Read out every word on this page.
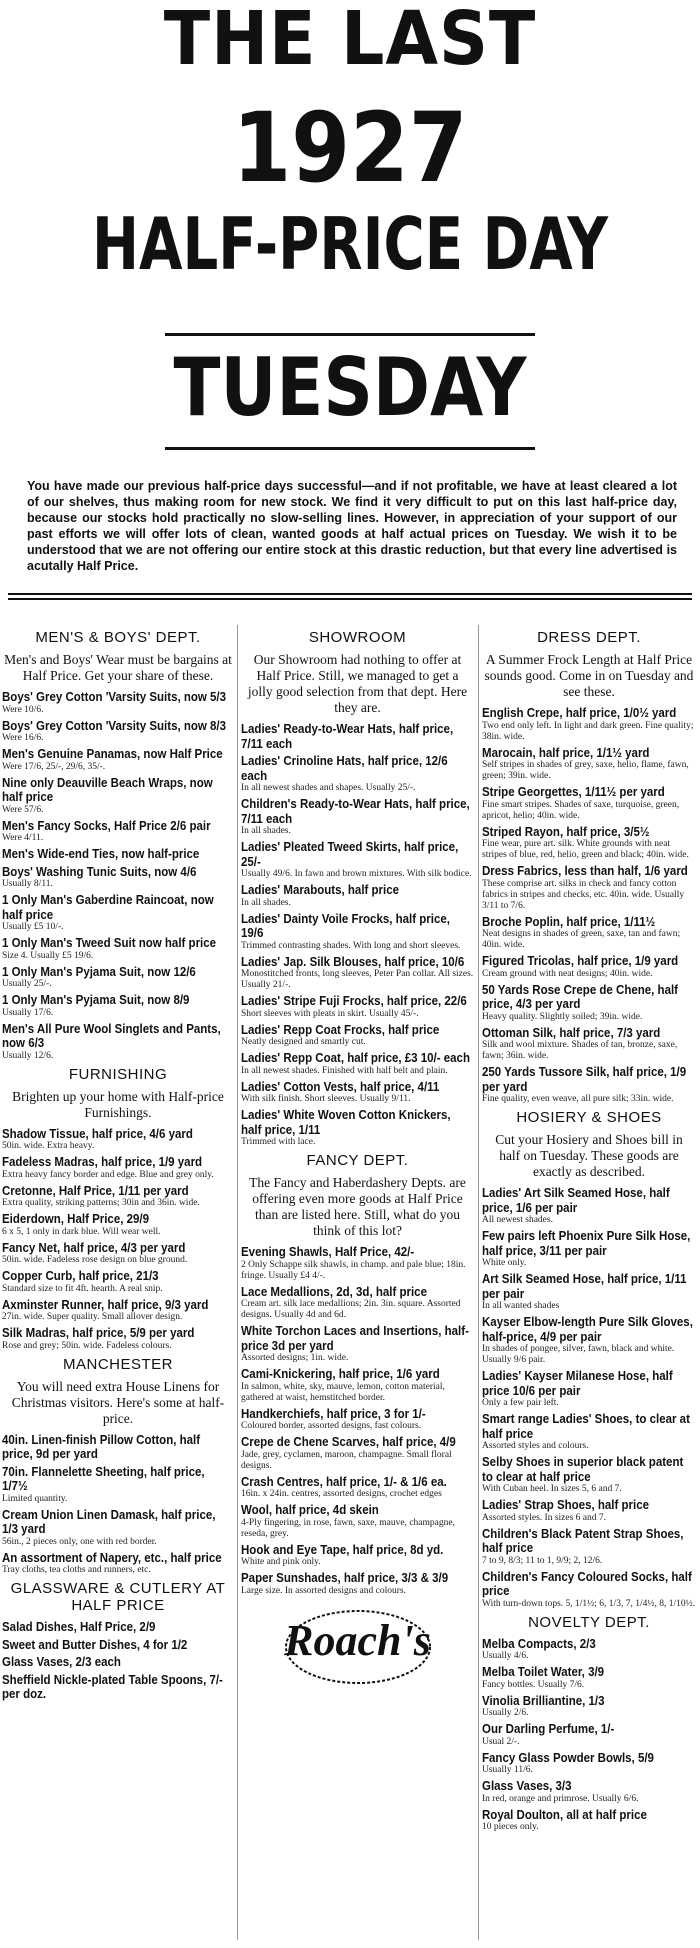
THE LAST
1927
HALF-PRICE DAY
TUESDAY
You have made our previous half-price days successful—and if not profitable, we have at least cleared a lot of our shelves, thus making room for new stock. We find it very difficult to put on this last half-price day, because our stocks hold practically no slow-selling lines. However, in appreciation of your support of our past efforts we will offer lots of clean, wanted goods at half actual prices on Tuesday. We wish it to be understood that we are not offering our entire stock at this drastic reduction, but that every line advertised is acutally Half Price.
MEN'S & BOYS' DEPT.
Men's and Boys' Wear must be bargains at Half Price. Get your share of these.
Boys' Grey Cotton 'Varsity Suits, now 5/3
Were 10/6.
Boys' Grey Cotton 'Varsity Suits, now 8/3
Were 16/6.
Men's Genuine Panamas, now Half Price
Were 17/6, 25/-, 29/6, 35/-.
Nine only Deauville Beach Wraps, now half price
Were 57/6.
Men's Fancy Socks, Half Price 2/6 pair
Were 4/11.
Men's Wide-end Ties, now half-price
Boys' Washing Tunic Suits, now 4/6
Usually 8/11.
1 Only Man's Gaberdine Raincoat, now half price
Usually £5 10/-.
1 Only Man's Tweed Suit now half price
Size 4. Usually £5 19/6.
1 Only Man's Pyjama Suit, now 12/6
Usually 25/-.
1 Only Man's Pyjama Suit, now 8/9
Usually 17/6.
Men's All Pure Wool Singlets and Pants, now 6/3
Usually 12/6.
FURNISHING
Brighten up your home with Half-price Furnishings.
Shadow Tissue, half price, 4/6 yard
50in. wide. Extra heavy.
Fadeless Madras, half price, 1/9 yard
Extra heavy fancy border and edge. Blue and grey only.
Cretonne, Half Price, 1/11 per yard
Extra quality, striking patterns; 30in and 36in. wide.
Eiderdown, Half Price, 29/9
6 x 5, 1 only in dark blue. Will wear well.
Fancy Net, half price, 4/3 per yard
50in. wide. Fadeless rose design on blue ground.
Copper Curb, half price, 21/3
Standard size to fit 4ft. hearth. A real snip.
Axminster Runner, half price, 9/3 yard
27in. wide. Super quality. Small allover design.
Silk Madras, half price, 5/9 per yard
Rose and grey; 50in. wide. Fadeless colours.
MANCHESTER
You will need extra House Linens for Christmas visitors. Here's some at half-price.
40in. Linen-finish Pillow Cotton, half price, 9d per yard
70in. Flannelette Sheeting, half price, 1/7½
Limited quantity.
Cream Union Linen Damask, half price, 1/3 yard
56in., 2 pieces only, one with red border.
An assortment of Napery, etc., half price
Tray cloths, tea cloths and runners, etc.
GLASSWARE & CUTLERY AT HALF PRICE
Salad Dishes, Half Price, 2/9
Sweet and Butter Dishes, 4 for 1/2
Glass Vases, 2/3 each
Sheffield Nickle-plated Table Spoons, 7/- per doz.
SHOWROOM
Our Showroom had nothing to offer at Half Price. Still, we managed to get a jolly good selection from that dept. Here they are.
Ladies' Ready-to-Wear Hats, half price, 7/11 each
Ladies' Crinoline Hats, half price, 12/6 each
In all newest shades and shapes. Usually 25/-.
Children's Ready-to-Wear Hats, half price, 7/11 each
In all shades.
Ladies' Pleated Tweed Skirts, half price, 25/-
Usually 49/6. In fawn and brown mixtures. With silk bodice.
Ladies' Marabouts, half price
In all shades.
Ladies' Dainty Voile Frocks, half price, 19/6
Trimmed contrasting shades. With long and short sleeves.
Ladies' Jap. Silk Blouses, half price, 10/6
Monostitched fronts, long sleeves, Peter Pan collar. All sizes. Usually 21/-.
Ladies' Stripe Fuji Frocks, half price, 22/6
Short sleeves with pleats in skirt. Usually 45/-.
Ladies' Repp Coat Frocks, half price
Neatly designed and smartly cut.
Ladies' Repp Coat, half price, £3 10/- each
In all newest shades. Finished with half belt and plain.
Ladies' Cotton Vests, half price, 4/11
With silk finish. Short sleeves. Usually 9/11.
Ladies' White Woven Cotton Knickers, half price, 1/11
Trimmed with lace.
FANCY DEPT.
The Fancy and Haberdashery Depts. are offering even more goods at Half Price than are listed here. Still, what do you think of this lot?
Evening Shawls, Half Price, 42/-
2 Only Schappe silk shawls, in champ. and pale blue; 18in. fringe. Usually £4 4/-.
Lace Medallions, 2d, 3d, half price
Cream art. silk lace medallions; 2in. 3in. square. Assorted designs. Usually 4d and 6d.
White Torchon Laces and Insertions, half-price 3d per yard
Assorted designs; 1in. wide.
Cami-Knickering, half price, 1/6 yard
In salmon, white, sky, mauve, lemon, cotton material, gathered at waist, hemstitched border.
Handkerchiefs, half price, 3 for 1/-
Coloured border, assorted designs, fast colours.
Crepe de Chene Scarves, half price, 4/9
Jade, grey, cyclamen, maroon, champagne. Small floral designs.
Crash Centres, half price, 1/- & 1/6 ea.
16in. x 24in. centres, assorted designs, crochet edges
Wool, half price, 4d skein
4-Ply fingering, in rose, fawn, saxe, mauve, champagne, reseda, grey.
Hook and Eye Tape, half price, 8d yd.
White and pink only.
Paper Sunshades, half price, 3/3 & 3/9
Large size. In assorted designs and colours.
Roach's
DRESS DEPT.
A Summer Frock Length at Half Price sounds good. Come in on Tuesday and see these.
English Crepe, half price, 1/0½ yard
Two end only left. In light and dark green. Fine quality; 38in. wide.
Marocain, half price, 1/1½ yard
Self stripes in shades of grey, saxe, helio, flame, fawn, green; 39in. wide.
Stripe Georgettes, 1/11½ per yard
Fine smart stripes. Shades of saxe, turquoise, green, apricot, helio; 40in. wide.
Striped Rayon, half price, 3/5½
Fine wear, pure art. silk. White grounds with neat stripes of blue, red, helio, green and black; 40in. wide.
Dress Fabrics, less than half, 1/6 yard
These comprise art. silks in check and fancy cotton fabrics in stripes and checks, etc. 40in. wide. Usually 3/11 to 7/6.
Broche Poplin, half price, 1/11½
Neat designs in shades of green, saxe, tan and fawn; 40in. wide.
Figured Tricolas, half price, 1/9 yard
Cream ground with neat designs; 40in. wide.
50 Yards Rose Crepe de Chene, half price, 4/3 per yard
Heavy quality. Slightly soiled; 39in. wide.
Ottoman Silk, half price, 7/3 yard
Silk and wool mixture. Shades of tan, bronze, saxe, fawn; 36in. wide.
250 Yards Tussore Silk, half price, 1/9 per yard
Fine quality, even weave, all pure silk; 33in. wide.
HOSIERY & SHOES
Cut your Hosiery and Shoes bill in half on Tuesday. These goods are exactly as described.
Ladies' Art Silk Seamed Hose, half price, 1/6 per pair
All newest shades.
Few pairs left Phoenix Pure Silk Hose, half price, 3/11 per pair
White only.
Art Silk Seamed Hose, half price, 1/11 per pair
In all wanted shades
Kayser Elbow-length Pure Silk Gloves, half-price, 4/9 per pair
In shades of pongee, silver, fawn, black and white. Usually 9/6 pair.
Ladies' Kayser Milanese Hose, half price 10/6 per pair
Only a few pair left.
Smart range Ladies' Shoes, to clear at half price
Assorted styles and colours.
Selby Shoes in superior black patent to clear at half price
With Cuban heel. In sizes 5, 6 and 7.
Ladies' Strap Shoes, half price
Assorted styles. In sizes 6 and 7.
Children's Black Patent Strap Shoes, half price
7 to 9, 8/3; 11 to 1, 9/9; 2, 12/6.
Children's Fancy Coloured Socks, half price
With turn-down tops. 5, 1/1½; 6, 1/3, 7, 1/4½, 8, 1/10½.
NOVELTY DEPT.
Melba Compacts, 2/3
Usually 4/6.
Melba Toilet Water, 3/9
Fancy bottles. Usually 7/6.
Vinolia Brilliantine, 1/3
Usually 2/6.
Our Darling Perfume, 1/-
Usual 2/-.
Fancy Glass Powder Bowls, 5/9
Usually 11/6.
Glass Vases, 3/3
In red, orange and primrose. Usually 6/6.
Royal Doulton, all at half price
10 pieces only.
